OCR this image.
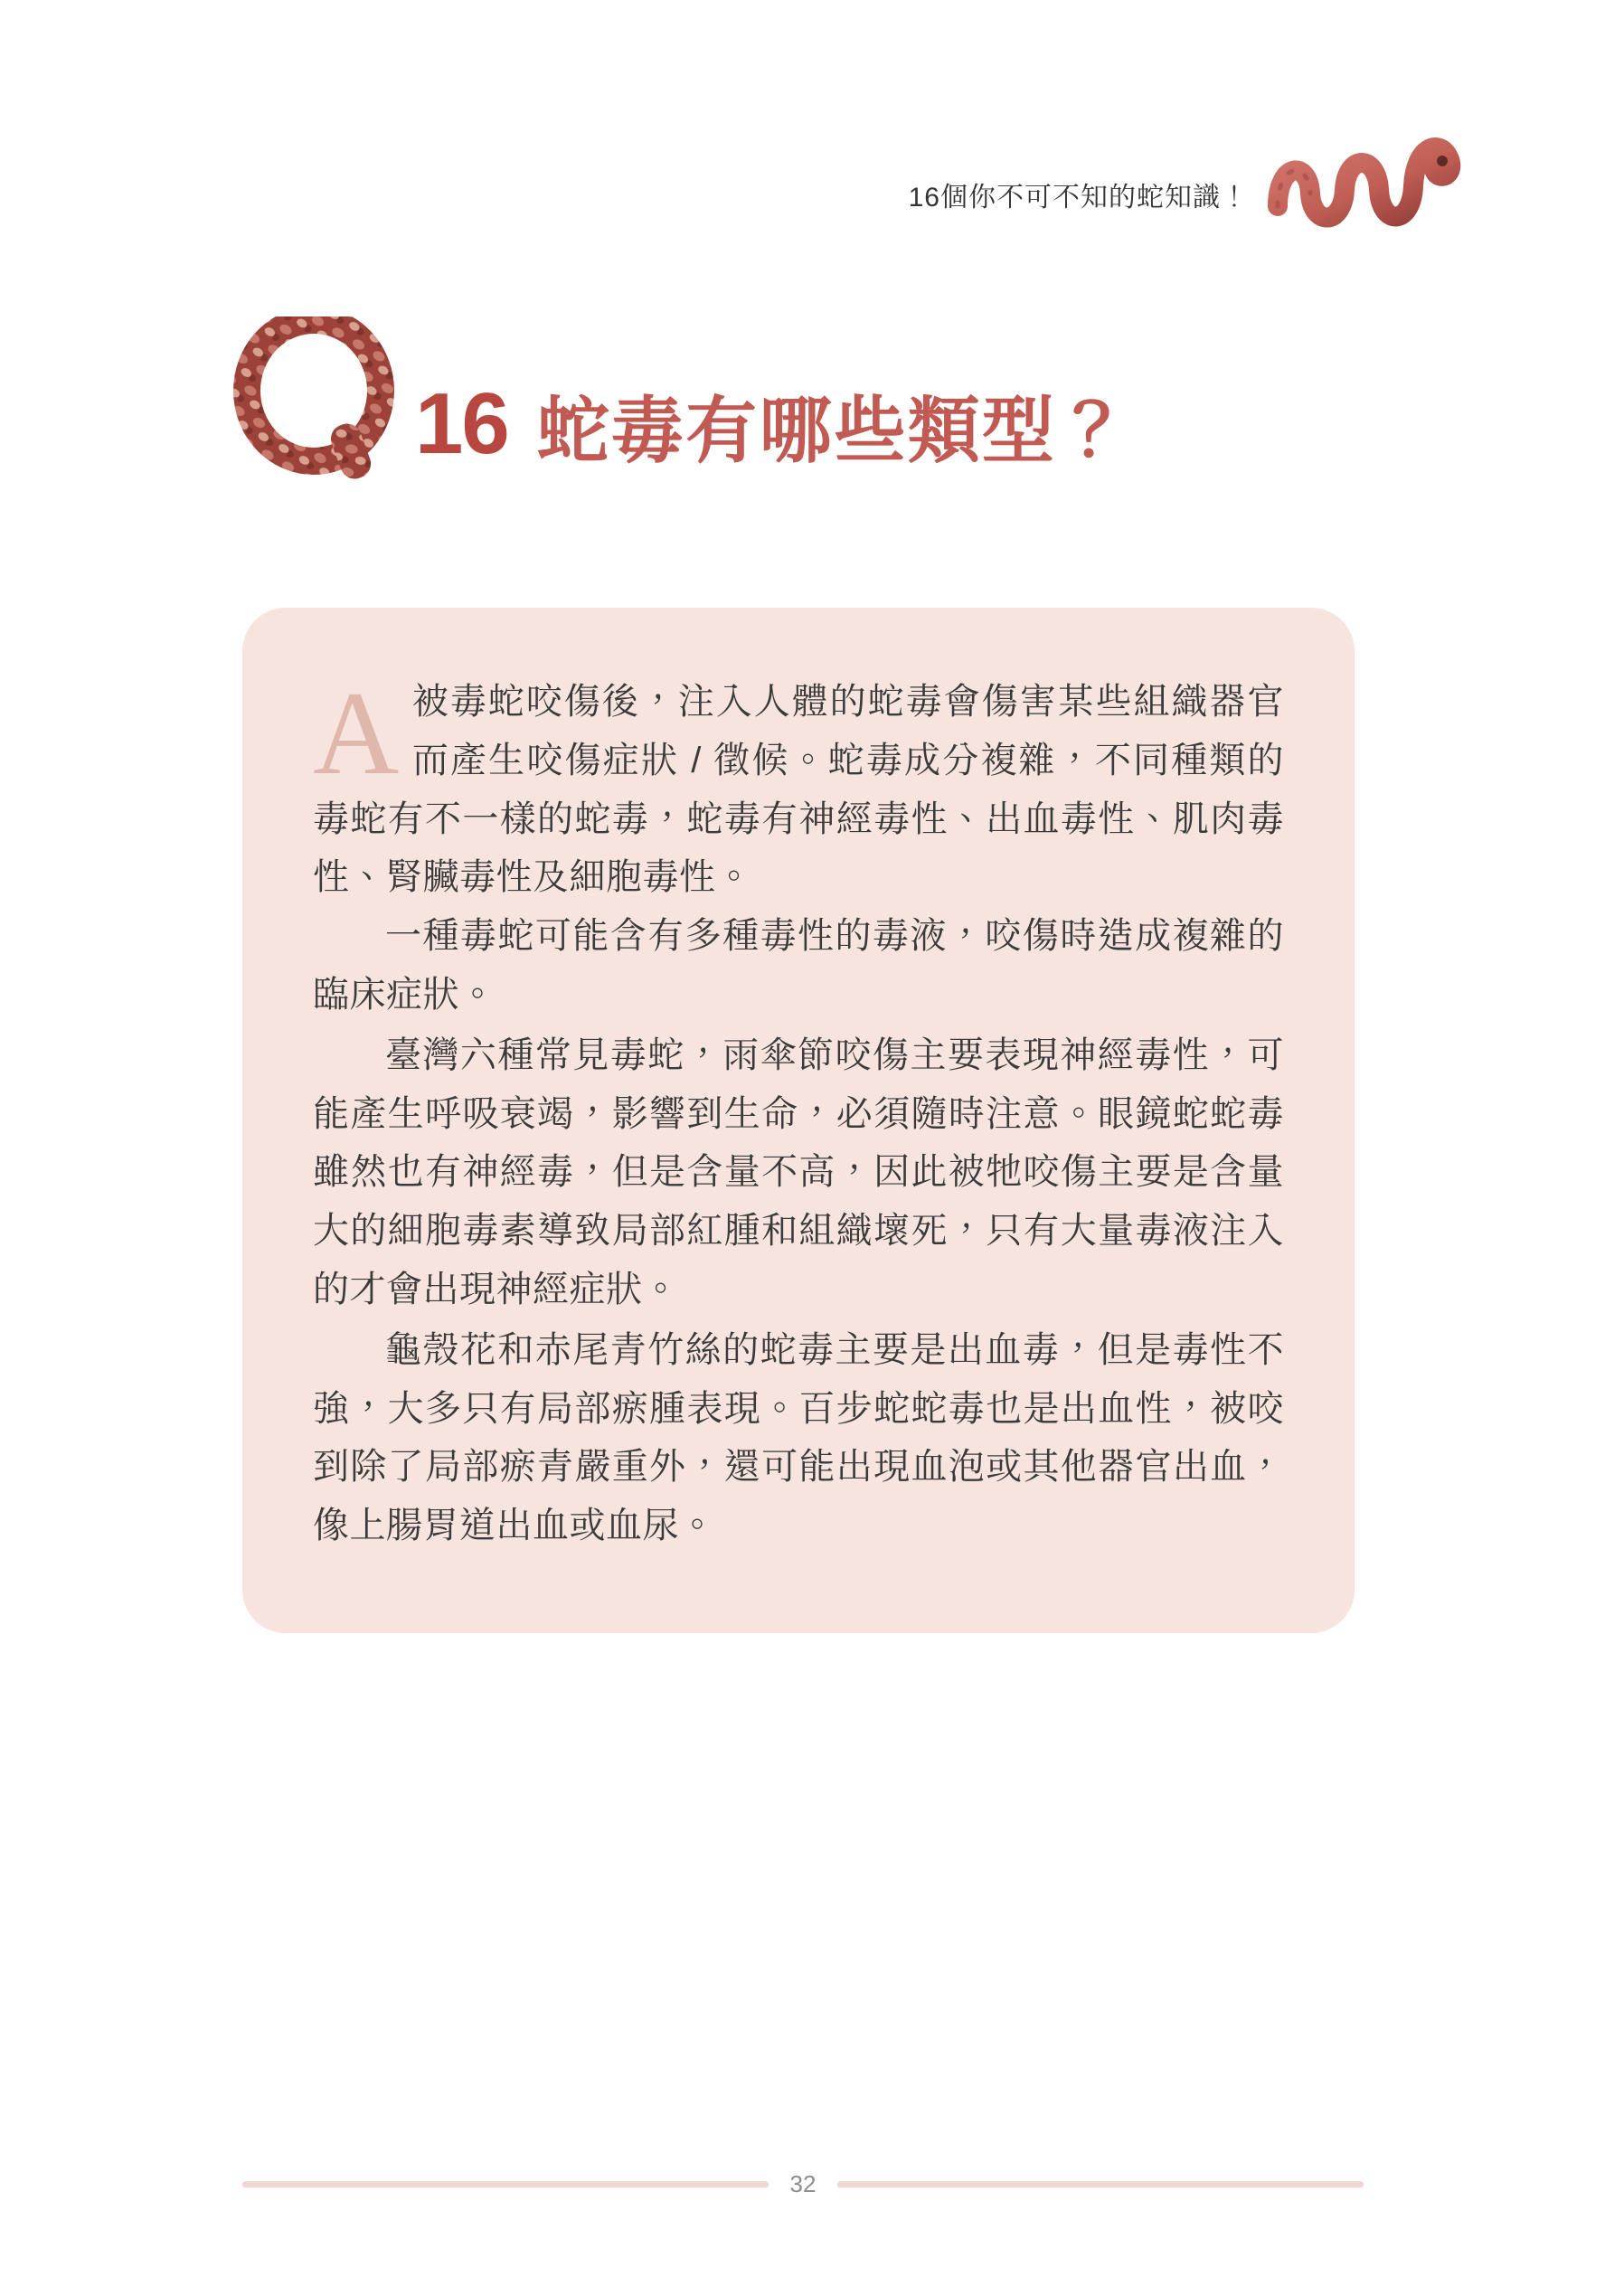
16個你不可不知的蛇知識！
16 蛇毒有哪些類型？
A 被毒蛇咬傷後，注入人體的蛇毒會傷害某些組織器官而產生咬傷症狀 / 徵候。蛇毒成分複雜，不同種類的毒蛇有不一樣的蛇毒，蛇毒有神經毒性、出血毒性、肌肉毒性、腎臟毒性及細胞毒性。

一種毒蛇可能含有多種毒性的毒液，咬傷時造成複雜的臨床症狀。

臺灣六種常見毒蛇，雨傘節咬傷主要表現神經毒性，可能產生呼吸衰竭，影響到生命，必須隨時注意。眼鏡蛇蛇毒雖然也有神經毒，但是含量不高，因此被牠咬傷主要是含量大的細胞毒素導致局部紅腫和組織壞死，只有大量毒液注入的才會出現神經症狀。

龜殼花和赤尾青竹絲的蛇毒主要是出血毒，但是毒性不強，大多只有局部瘀腫表現。百步蛇蛇毒也是出血性，被咬到除了局部瘀青嚴重外，還可能出現血泡或其他器官出血，像上腸胃道出血或血尿。

32
